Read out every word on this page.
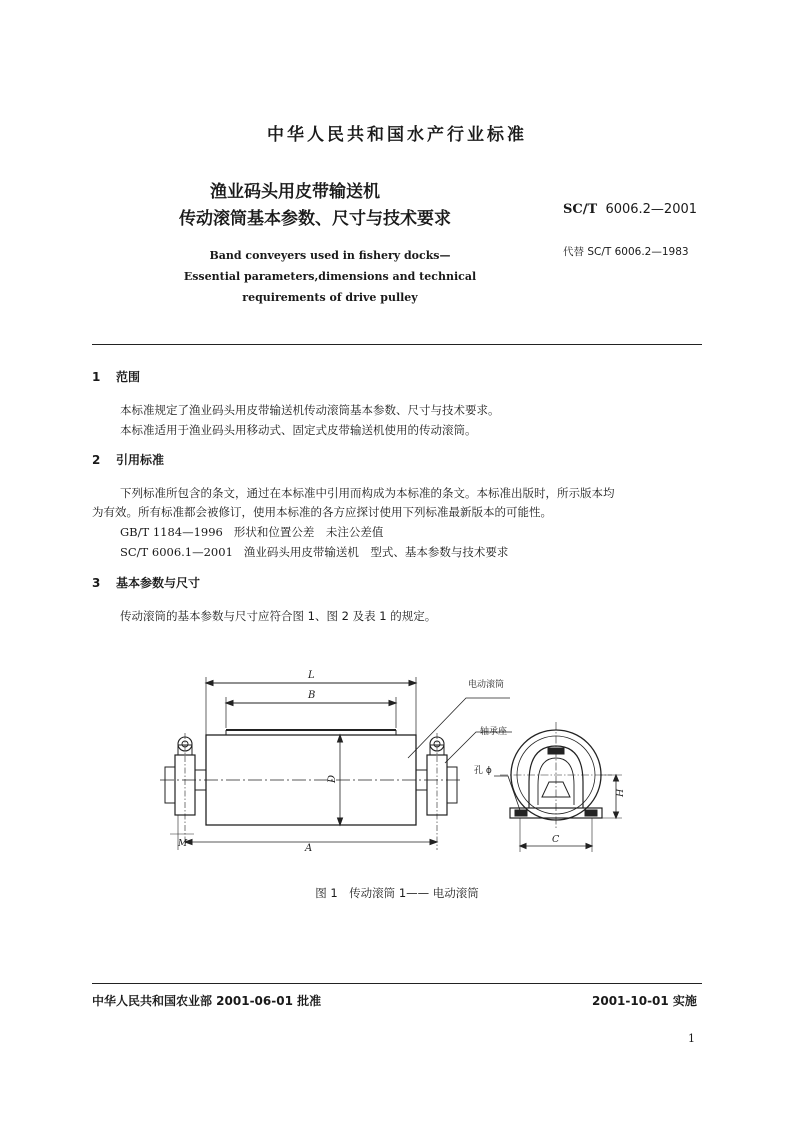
中华人民共和国水产行业标准
渔业码头用皮带输送机
传动滚筒基本参数、尺寸与技术要求	SC/T 6006.2—2001
代替 SC/T 6006.2—1983
Band conveyers used in fishery docks—
Essential parameters,dimensions and technical
requirements of drive pulley
1 范围
本标准规定了渔业码头用皮带输送机传动滚筒基本参数、尺寸与技术要求。
本标准适用于渔业码头用移动式、固定式皮带输送机使用的传动滚筒。
2 引用标准
下列标准所包含的条文，通过在本标准中引用而构成为本标准的条文。本标准出版时，所示版本均
为有效。所有标准都会被修订，使用本标准的各方应探讨使用下列标准最新版本的可能性。
GB/T 1184—1996 形状和位置公差　未注公差值
SC/T 6006.1—2001 渔业码头用皮带输送机　型式、基本参数与技术要求
3 基本参数与尺寸
传动滚筒的基本参数与尺寸应符合图 1、图 2 及表 1 的规定。
L
B
D
A
M
H
C
电动滚筒
轴承座
孔 ϕ
图 1　传动滚筒 1—— 电动滚筒
中华人民共和国农业部 2001-06-01 批准	2001-10-01 实施
1
